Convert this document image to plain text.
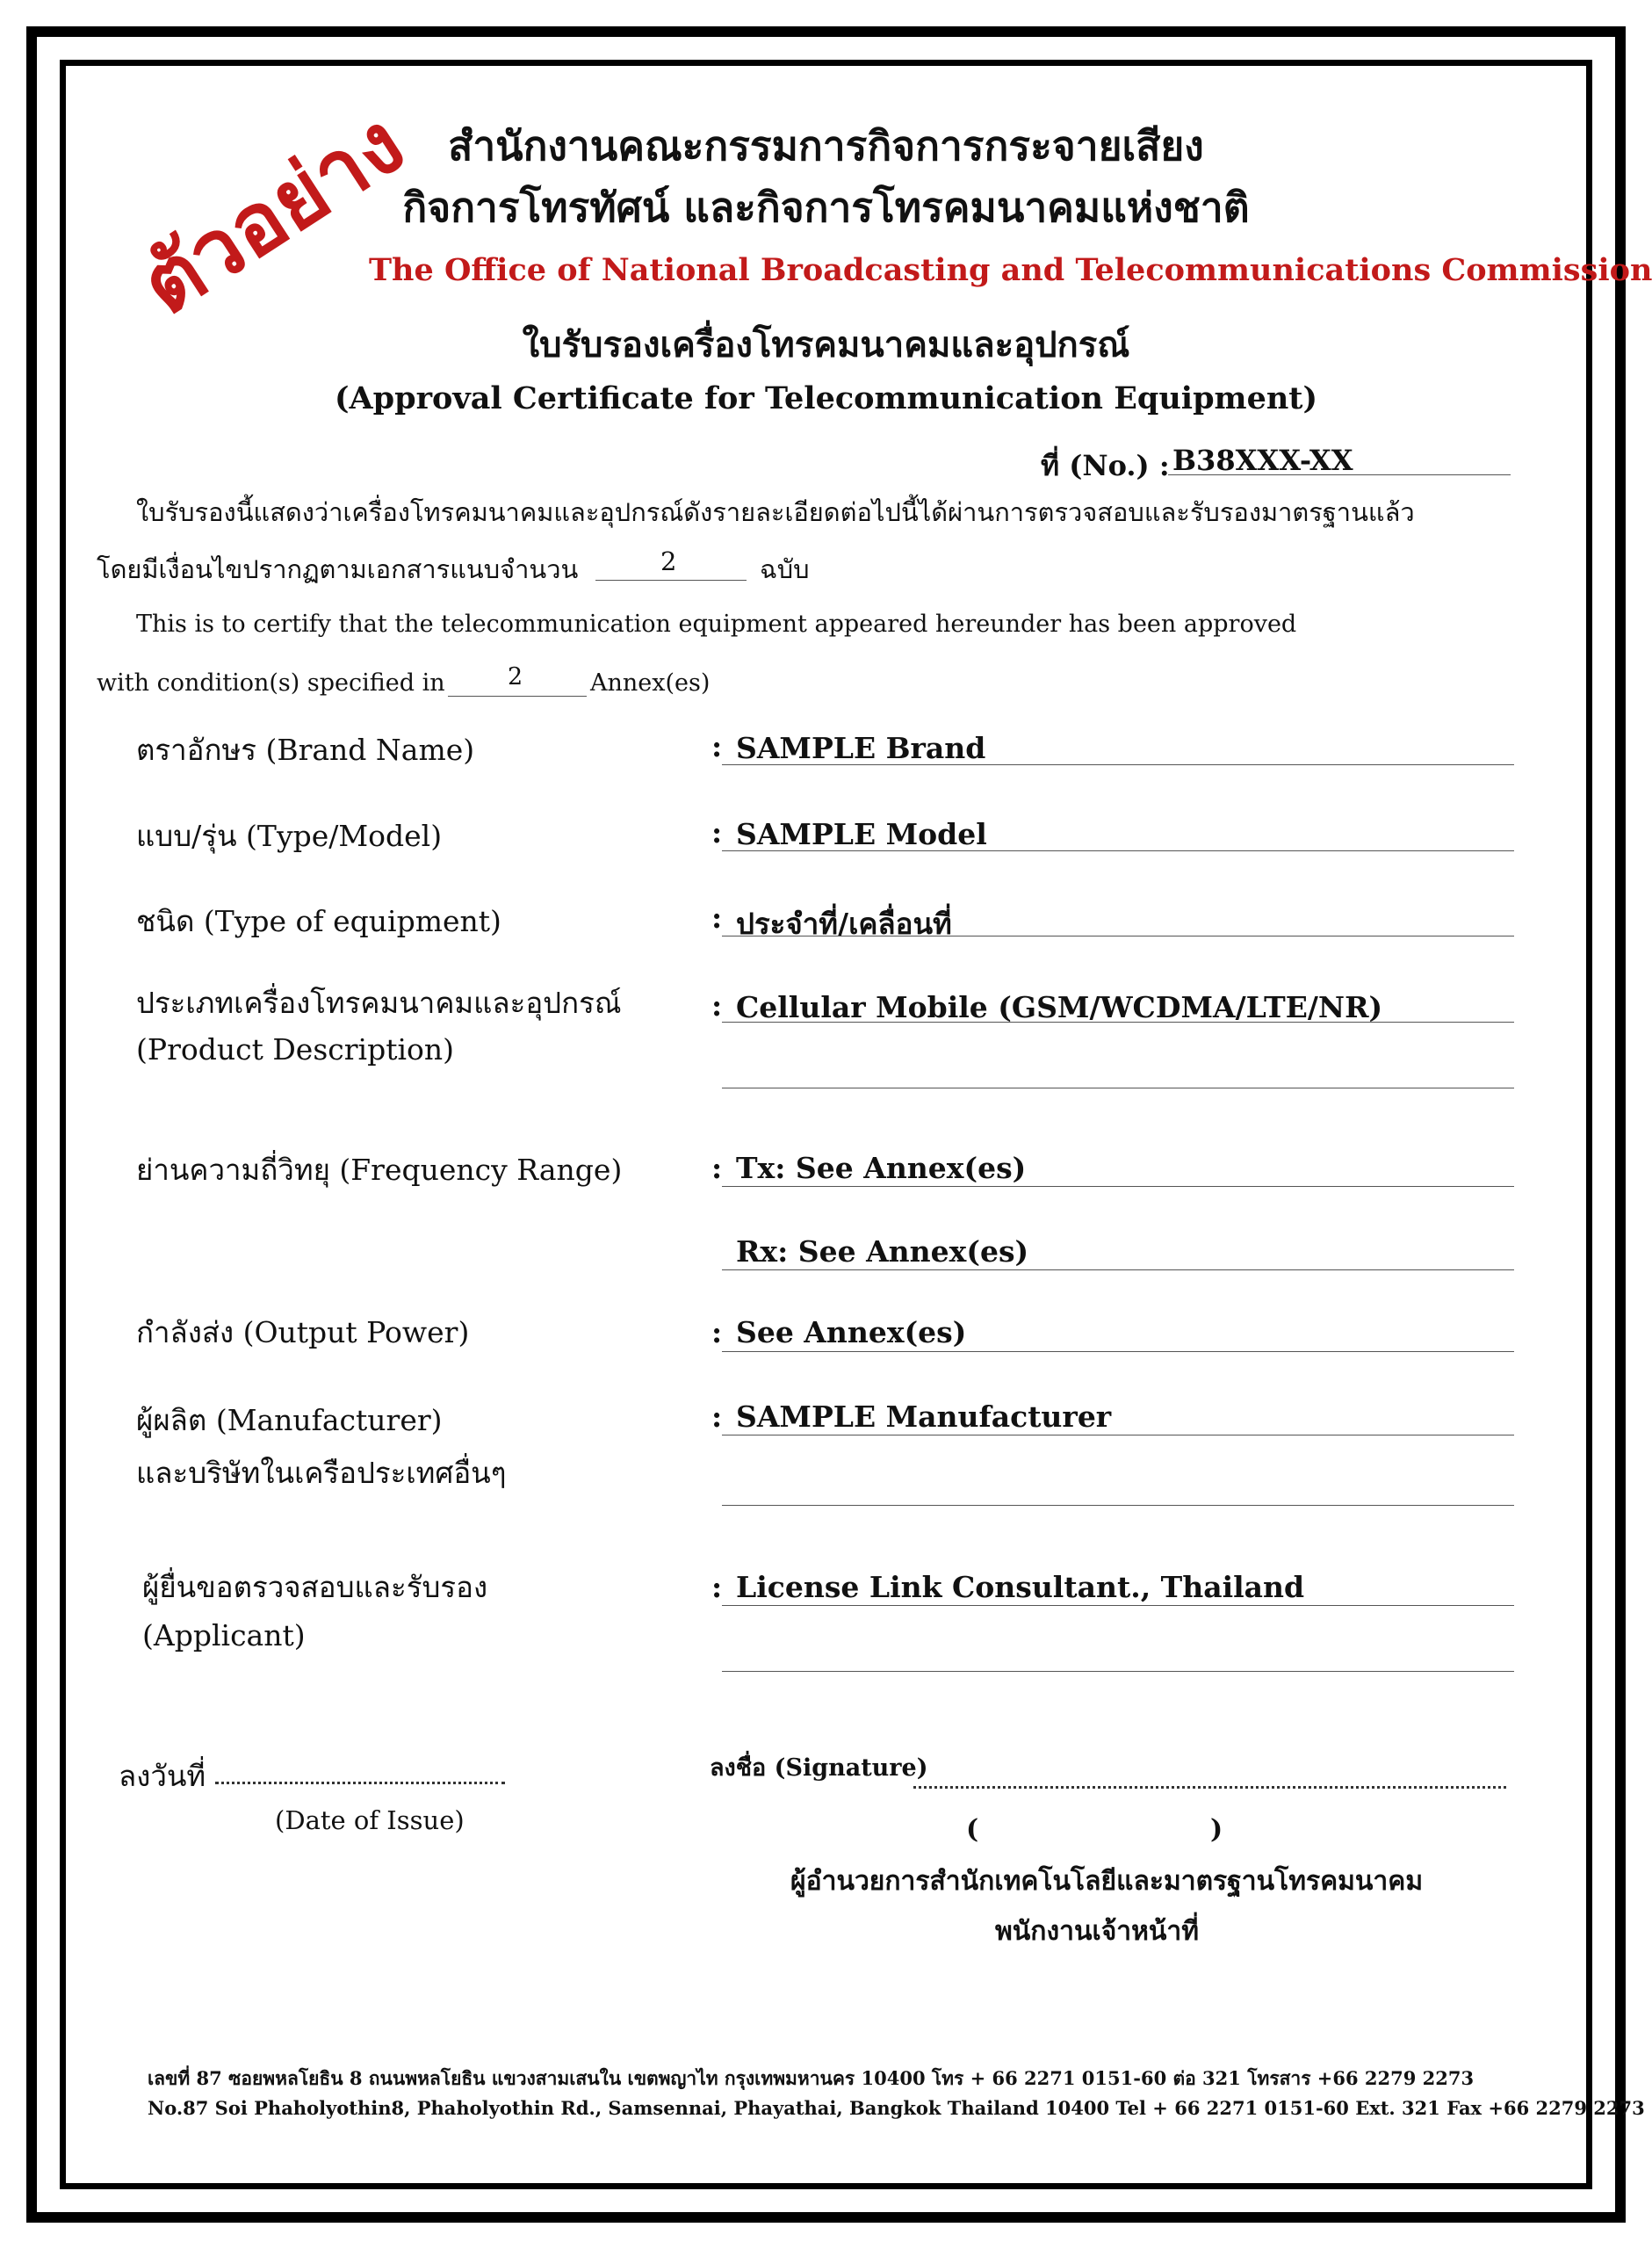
ตัวอย่าง สำนักงานคณะกรรมการกิจการกระจายเสียง
กิจการโทรทัศน์ และกิจการโทรคมนาคมแห่งชาติ
The Office of National Broadcasting and Telecommunications Commission
ใบรับรองเครื่องโทรคมนาคมและอุปกรณ์
(Approval Certificate for Telecommunication Equipment)
ที่ (No.) : B38XXX-XX
ใบรับรองนี้แสดงว่าเครื่องโทรคมนาคมและอุปกรณ์ดังรายละเอียดต่อไปนี้ได้ผ่านการตรวจสอบและรับรองมาตรฐานแล้ว
โดยมีเงื่อนไขปรากฏตามเอกสารแนบจำนวน	2	ฉบับ
This is to certify that the telecommunication equipment appeared hereunder has been approved
with condition(s) specified in	2	Annex(es)
ตราอักษร (Brand Name)	: SAMPLE Brand
แบบ/รุ่น (Type/Model)	: SAMPLE Model
ชนิด (Type of equipment)	: ประจำที่/เคลื่อนที่
ประเภทเครื่องโทรคมนาคมและอุปกรณ์
(Product Description)
: Cellular Mobile (GSM/WCDMA/LTE/NR)
ย่านความถี่วิทยุ (Frequency Range)	: Tx: See Annex(es)
Rx: See Annex(es)
กำลังส่ง (Output Power)	: See Annex(es)
ผู้ผลิต (Manufacturer)
และบริษัทในเครือประเทศอื่นๆ
: SAMPLE Manufacturer
ผู้ยื่นขอตรวจสอบและรับรอง
(Applicant)
: License Link Consultant., Thailand
ลงวันที่
(Date of Issue)
ลงชื่อ (Signature)
(	)
ผู้อำนวยการสำนักเทคโนโลยีและมาตรฐานโทรคมนาคม
พนักงานเจ้าหน้าที่
เลขที่ 87 ซอยพหลโยธิน 8 ถนนพหลโยธิน แขวงสามเสนใน เขตพญาไท กรุงเทพมหานคร 10400 โทร + 66 2271 0151-60 ต่อ 321 โทรสาร +66 2279 2273
No.87 Soi Phaholyothin8, Phaholyothin Rd., Samsennai, Phayathai, Bangkok Thailand 10400 Tel + 66 2271 0151-60 Ext. 321 Fax +66 2279 2273
